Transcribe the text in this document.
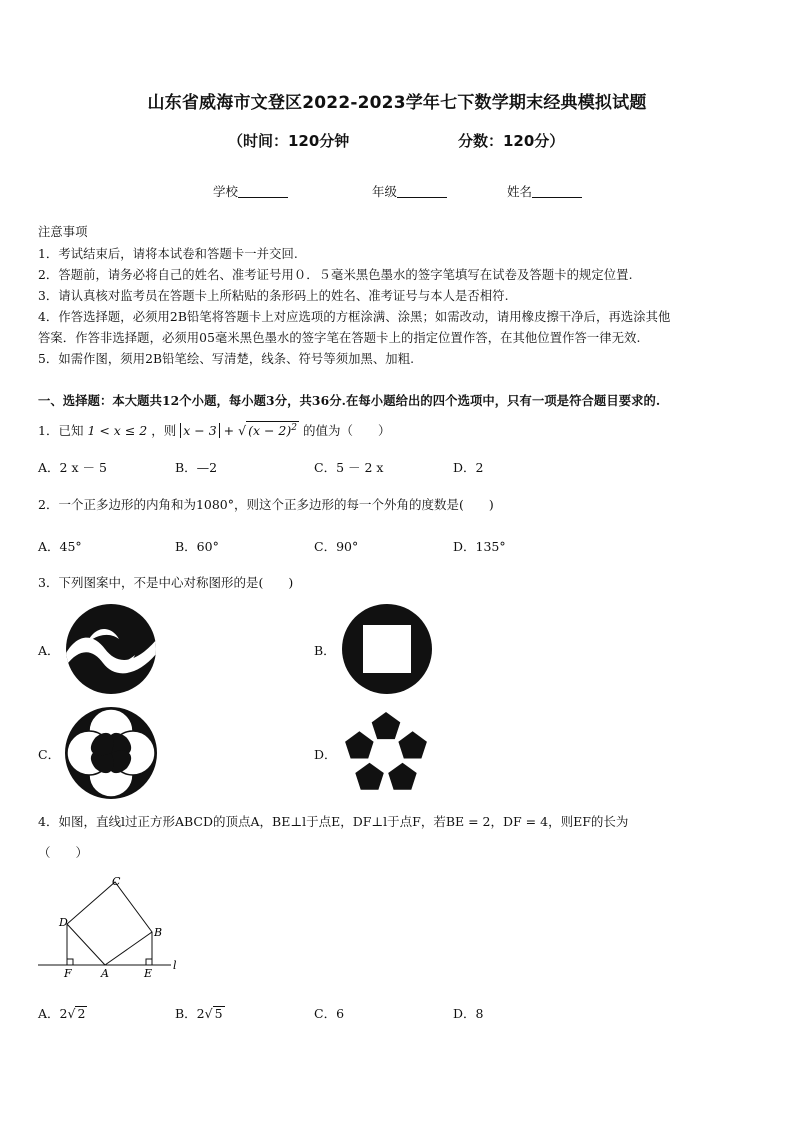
山东省威海市文登区2022-2023学年七下数学期末经典模拟试题
（时间：120分钟	分数：120分）
学校	年级	姓名
注意事项
1．考试结束后，请将本试卷和答题卡一并交回.
2．答题前，请务必将自己的姓名、准考证号用０．５毫米黑色墨水的签字笔填写在试卷及答题卡的规定位置.
3．请认真核对监考员在答题卡上所粘贴的条形码上的姓名、准考证号与本人是否相符.
4．作答选择题，必须用2B铅笔将答题卡上对应选项的方框涂满、涂黑；如需改动，请用橡皮擦干净后，再选涂其他
答案．作答非选择题，必须用05毫米黑色墨水的签字笔在答题卡上的指定位置作答，在其他位置作答一律无效.
5．如需作图，须用2B铅笔绘、写清楚，线条、符号等须加黑、加粗.
一、选择题：本大题共12个小题，每小题3分，共36分.在每小题给出的四个选项中，只有一项是符合题目要求的.
1．已知 1 < x ≤ 2 ，则 x − 3 + √ $(x - 2)^2$ 的值为（　　）
A．2 x － 5	B．—2	C．5 － 2 x	D．2
2．一个正多边形的内角和为1080°，则这个正多边形的每一个外角的度数是(　　)
A．45°	B．60°	C．90°	D．135°
3．下列图案中，不是中心对称图形的是(　　)
A．	B．
C．	D．
4．如图，直线l过正方形ABCD的顶点A，BE⊥l于点E，DF⊥l于点F，若BE = 2，DF = 4，则EF的长为
（　　）
C
D
B
A
F	E
l
A．2√ 2	B．2√ 5	C．6	D．8
